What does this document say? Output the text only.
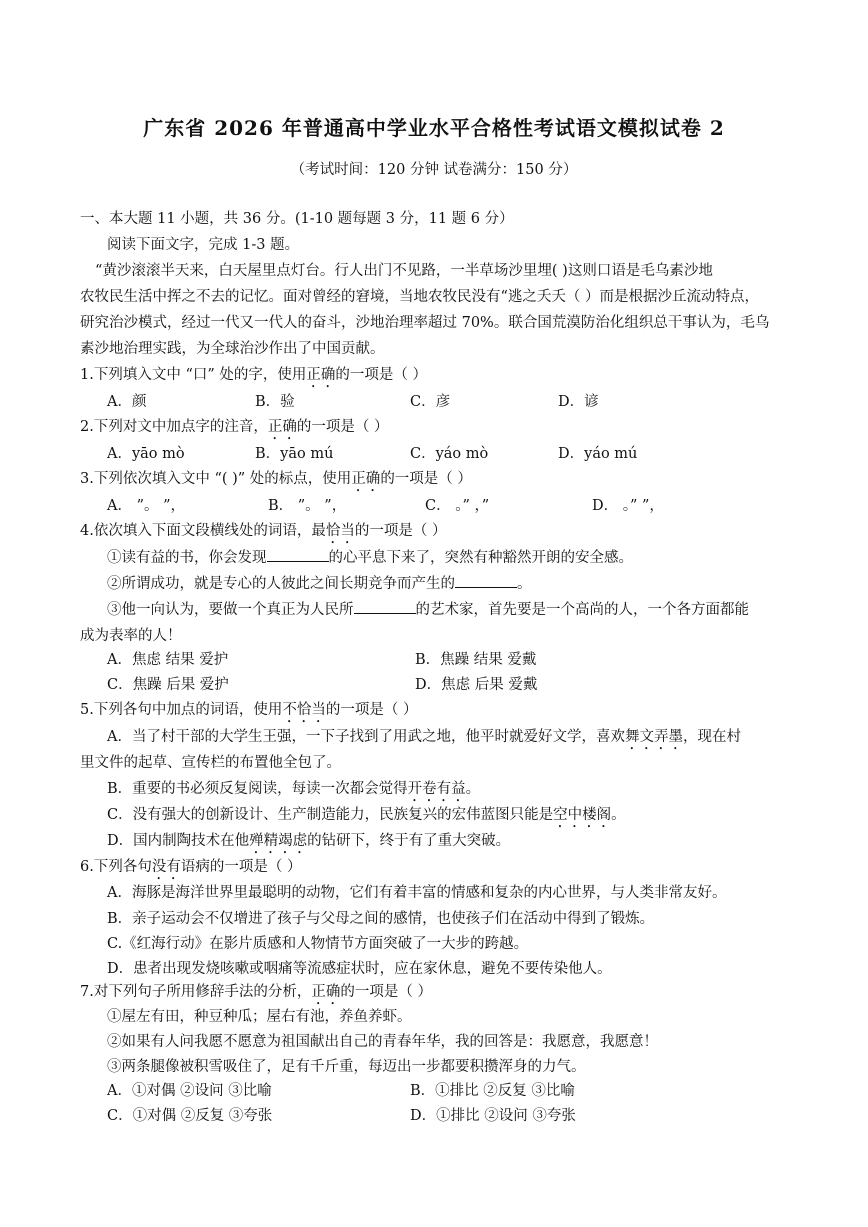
广东省 2026 年普通高中学业水平合格性考试语文模拟试卷 2
（考试时间：120 分钟 试卷满分：150 分）
一、本大题 11 小题，共 36 分。(1-10 题每题 3 分，11 题 6 分）
阅读下面文字，完成 1-3 题。
“黄沙滚滚半天来，白天屋里点灯台。行人出门不见路，一半草场沙里埋( )这则口语是毛乌素沙地
农牧民生活中挥之不去的记忆。面对曾经的窘境，当地农牧民没有“逃之夭夭（ ）而是根据沙丘流动特点，
研究治沙模式，经过一代又一代人的奋斗，沙地治理率超过 70%。联合国荒漠防治化组织总干事认为，毛乌
素沙地治理实践，为全球治沙作出了中国贡献。
1.下列填入文中 “口” 处的字，使用正确的一项是（ ）
A．颜	B．验	C．彦	D．谚
2.下列对文中加点字的注音，正确的一项是（ ）
A．yāo mò	B．yāo mú	C．yáo mò	D．yáo mú
3.下列依次填入文中 “( )” 处的标点，使用正确的一项是（ ）
A． ”。 ”，	B． ”。 ”，	C． 。” ，”	D． 。” ”，
4.依次填入下面文段横线处的词语，最恰当的一项是（ ）
①读有益的书，你会发现	的心平息下来了，突然有种豁然开朗的安全感。
②所谓成功，就是专心的人彼此之间长期竞争而产生的	。
③他一向认为，要做一个真正为人民所	的艺术家，首先要是一个高尚的人，一个各方面都能
成为表率的人！
A．焦虑 结果 爱护	B．焦躁 结果 爱戴
C．焦躁 后果 爱护	D．焦虑 后果 爱戴
5.下列各句中加点的词语，使用不恰当的一项是（ ）
A．当了村干部的大学生王强，一下子找到了用武之地，他平时就爱好文学，喜欢舞文弄墨，现在村
里文件的起草、宣传栏的布置他全包了。
B．重要的书必须反复阅读，每读一次都会觉得开卷有益。
C．没有强大的创新设计、生产制造能力，民族复兴的宏伟蓝图只能是空中楼阁。
D．国内制陶技术在他殚精竭虑的钻研下，终于有了重大突破。
6.下列各句没有语病的一项是（ ）
A．海豚是海洋世界里最聪明的动物，它们有着丰富的情感和复杂的内心世界，与人类非常友好。
B．亲子运动会不仅增进了孩子与父母之间的感情，也使孩子们在活动中得到了锻炼。
C.《红海行动》在影片质感和人物情节方面突破了一大步的跨越。
D．患者出现发烧咳嗽或咽痛等流感症状时，应在家休息，避免不要传染他人。
7.对下列句子所用修辞手法的分析，正确的一项是（ ）
①屋左有田，种豆种瓜；屋右有池，养鱼养虾。
②如果有人问我愿不愿意为祖国献出自己的青春年华，我的回答是：我愿意，我愿意！
③两条腿像被积雪吸住了，足有千斤重，每迈出一步都要积攒浑身的力气。
A．①对偶 ②设问 ③比喻	B．①排比 ②反复 ③比喻
C．①对偶 ②反复 ③夸张	D．①排比 ②设问 ③夸张
